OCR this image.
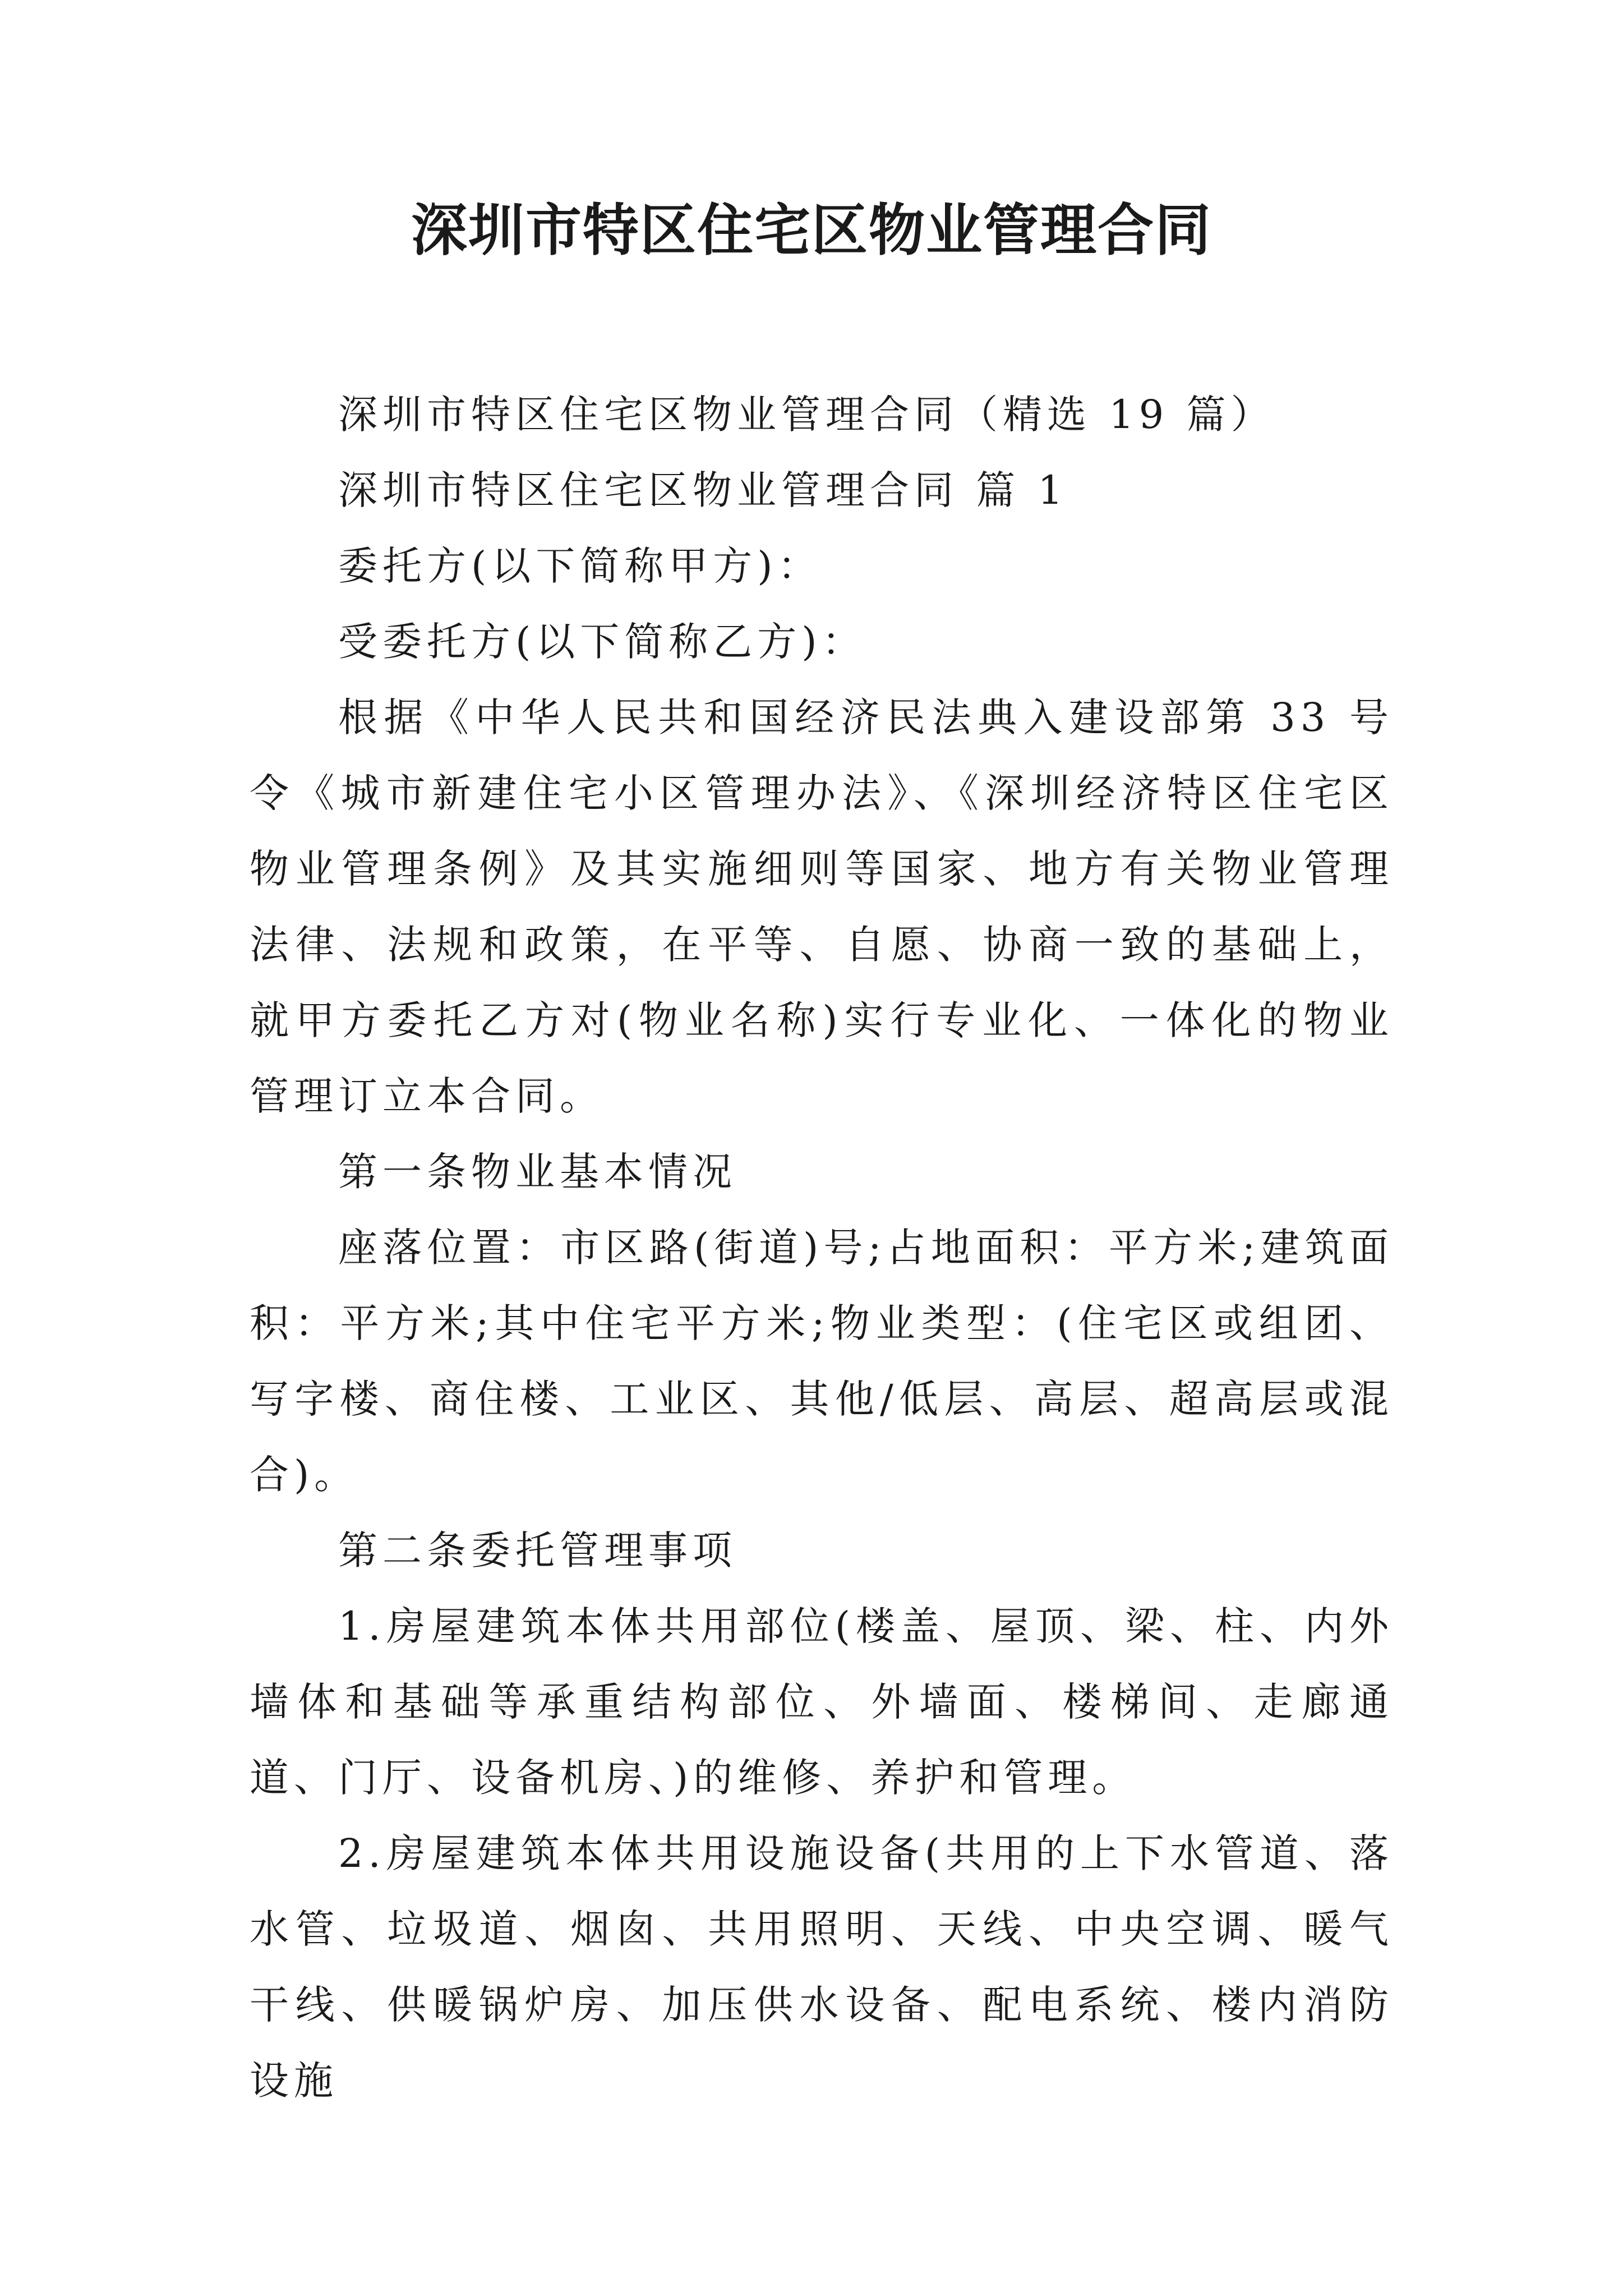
深圳市特区住宅区物业管理合同

深圳市特区住宅区物业管理合同（精选 19 篇）

深圳市特区住宅区物业管理合同 篇 1

委托方(以下简称甲方)：

受委托方(以下简称乙方)：

根据《中华人民共和国经济民法典入建设部第 33 号令《城市新建住宅小区管理办法》、《深圳经济特区住宅区物业管理条例》及其实施细则等国家、地方有关物业管理法律、法规和政策，在平等、自愿、协商一致的基础上，就甲方委托乙方对(物业名称)实行专业化、一体化的物业管理订立本合同。

第一条物业基本情况

座落位置：市区路(街道)号;占地面积：平方米;建筑面积：平方米;其中住宅平方米;物业类型：(住宅区或组团、写字楼、商住楼、工业区、其他/低层、高层、超高层或混合)。

第二条委托管理事项

1.房屋建筑本体共用部位(楼盖、屋顶、梁、柱、内外墙体和基础等承重结构部位、外墙面、楼梯间、走廊通道、门厅、设备机房、)的维修、养护和管理。

2.房屋建筑本体共用设施设备(共用的上下水管道、落水管、垃圾道、烟囱、共用照明、天线、中央空调、暖气干线、供暖锅炉房、加压供水设备、配电系统、楼内消防设施
